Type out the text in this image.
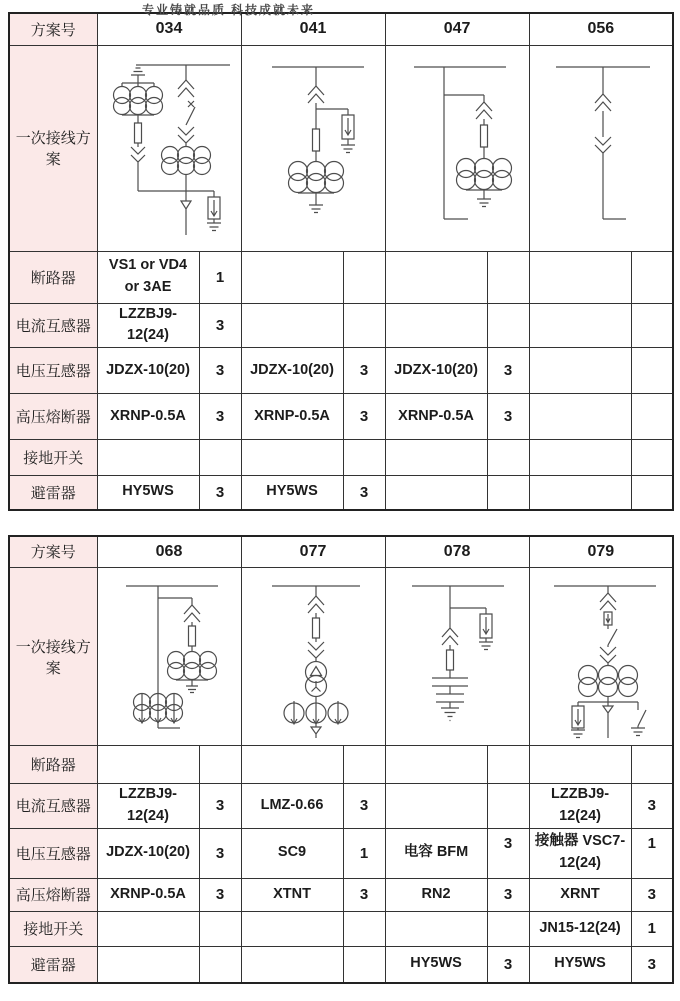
专业铸就品质 科技成就未来
方案号	034		041		047		056	
一次接线方案	

断路器	VS1 or VD4 or 3AE	1						
电流互感器	LZZBJ9-12(24)	3						
电压互感器	JDZX-10(20)	3	JDZX-10(20)	3	JDZX-10(20)	3		
高压熔断器	XRNP-0.5A	3	XRNP-0.5A	3	XRNP-0.5A	3		
接地开关								
避雷器	HY5WS	3	HY5WS	3				
方案号	068		077		078		079	
一次接线方案	

断路器								
电流互感器	LZZBJ9-12(24)	3	LMZ-0.66	3			LZZBJ9-12(24)	3
电压互感器	JDZX-10(20)	3	SC9	1	电容 BFM	3	接触器 VSC7-12(24)	1
高压熔断器	XRNP-0.5A	3	XTNT	3	RN2	3	XRNT	3
接地开关							JN15-12(24)	1
避雷器					HY5WS	3	HY5WS	3
